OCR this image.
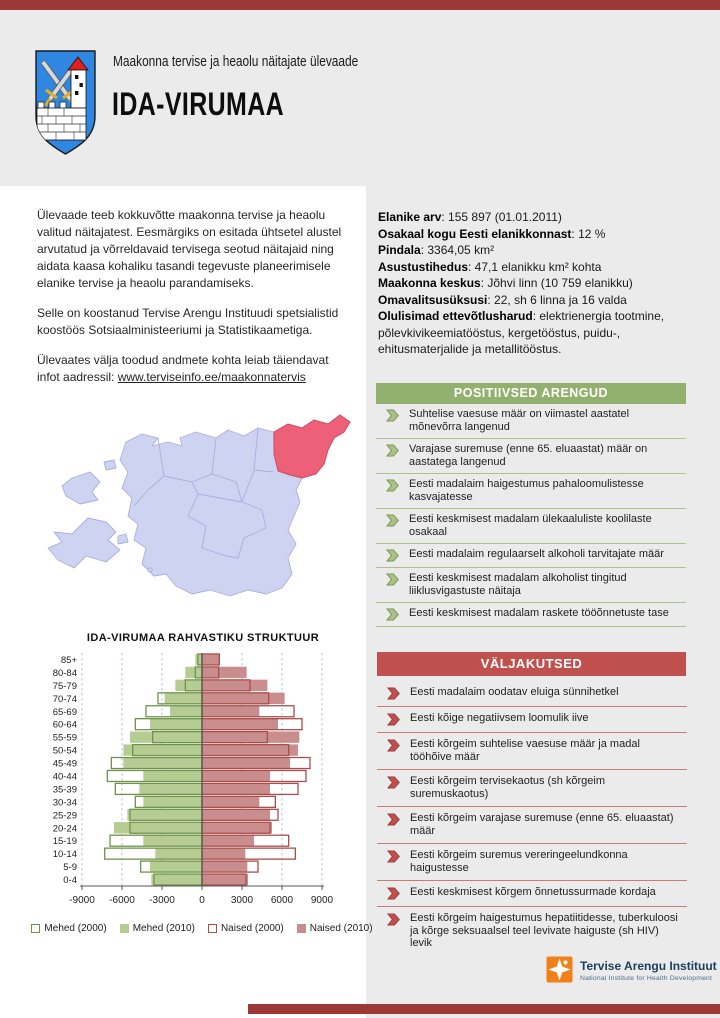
Maakonna tervise ja heaolu näitajate ülevaade
IDA-VIRUMAA

Ülevaade teeb kokkuvõtte maakonna tervise ja heaolu valitud näitajatest. Eesmärgiks on esitada ühtsetel alustel arvutatud ja võrreldavaid tervisega seotud näitajaid ning aidata kaasa kohaliku tasandi tegevuste planeerimisele elanike tervise ja heaolu parandamiseks.

Selle on koostanud Tervise Arengu Instituudi spetsialistid koostöös Sotsiaalministeeriumi ja Statistikaametiga.

Ülevaates välja toodud andmete kohta leiab täiendavat infot aadressil: www.terviseinfo.ee/maakonnatervis

IDA-VIRUMAA RAHVASTIKU STRUKTUUR
85+
80-84
75-79
70-74
65-69
60-64
55-59
50-54
45-49
40-44
35-39
30-34
25-29
20-24
15-19
10-14
5-9
0-4
-9000 -6000 -3000 0	3000 6000 9000
Mehed (2000)	Mehed (2010)	Naised (2000)	Naised (2010)
Elanike arv: 155 897 (01.01.2011)
Osakaal kogu Eesti elanikkonnast: 12 %
Pindala: 3364,05 km²
Asustustihedus: 47,1 elanikku km² kohta
Maakonna keskus: Jõhvi linn (10 759 elanikku)
Omavalitsusüksusi: 22, sh 6 linna ja 16 valda
Olulisimad ettevõtlusharud: elektrienergia tootmine, põlevkivikeemiatööstus, kergetööstus, puidu-, ehitusmaterjalide ja metallitööstus.
POSITIIVSED ARENGUD
Suhtelise vaesuse määr on viimastel aastatel mõnevõrra langenud
Varajase suremuse (enne 65. eluaastat) määr on aastatega langenud
Eesti madalaim haigestumus pahaloomulistesse kasvajatesse
Eesti keskmisest madalam ülekaaluliste koolilaste osakaal
Eesti madalaim regulaarselt alkoholi tarvitajate määr
Eesti keskmisest madalam alkoholist tingitud liiklusvigastuste näitaja
Eesti keskmisest madalam raskete tööõnnetuste tase
VÄLJAKUTSED
Eesti madalaim oodatav eluiga sünnihetkel
Eesti kõige negatiivsem loomulik iive
Eesti kõrgeim suhtelise vaesuse määr ja madal tööhõive määr
Eesti kõrgeim tervisekaotus (sh kõrgeim suremuskaotus)
Eesti kõrgeim varajase suremuse (enne 65. eluaastat) määr
Eesti kõrgeim suremus vereringeelundkonna haigustesse
Eesti keskmisest kõrgem õnnetussurmade kordaja
Eesti kõrgeim haigestumus hepatiitidesse, tuberkuloosi ja kõrge seksuaalsel teel levivate haiguste (sh HIV) levik
Tervise Arengu Instituut
National Institute for Health Development
